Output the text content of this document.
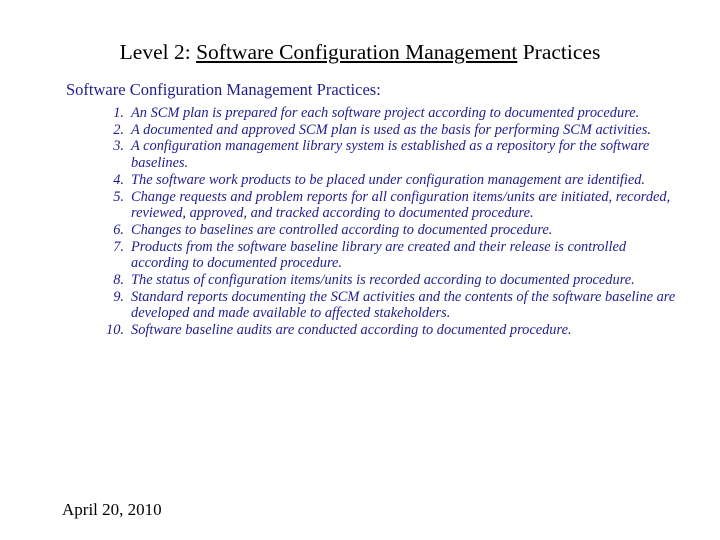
Level 2: Software Configuration Management Practices
Software Configuration Management Practices:
1. An SCM plan is prepared for each software project according to documented procedure.
2. A documented and approved SCM plan is used as the basis for performing SCM activities.
3. A configuration management library system is established as a repository for the software baselines.
4. The software work products to be placed under configuration management are identified.
5. Change requests and problem reports for all configuration items/units are initiated, recorded, reviewed, approved, and tracked according to documented procedure.
6. Changes to baselines are controlled according to documented procedure.
7. Products from the software baseline library are created and their release is controlled according to documented procedure.
8. The status of configuration items/units is recorded according to documented procedure.
9. Standard reports documenting the SCM activities and the contents of the software baseline are developed and made available to affected stakeholders.
10. Software baseline audits are conducted according to documented procedure.
April 20, 2010
